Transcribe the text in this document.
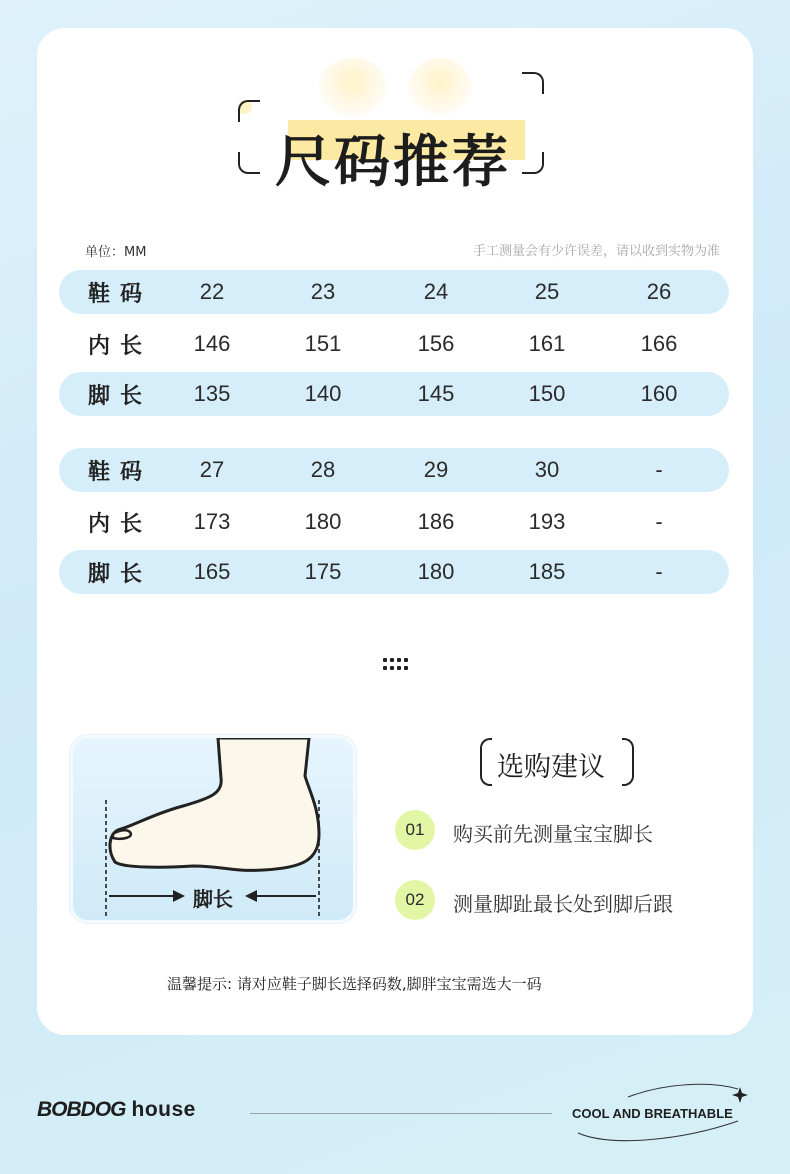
尺码推荐
单位：MM	手工测量会有少许误差，请以收到实物为准
鞋码	22	23	24	25	26
内长	146	151	156	161	166
脚长	135	140	145	150	160
鞋码	27	28	29	30	-
内长	173	180	186	193	-
脚长	165	175	180	185	-
脚长
选购建议
01	购买前先测量宝宝脚长
02	测量脚趾最长处到脚后跟
温馨提示: 请对应鞋子脚长选择码数,脚胖宝宝需选大一码
BOBDOG house	COOL AND BREATHABLE
